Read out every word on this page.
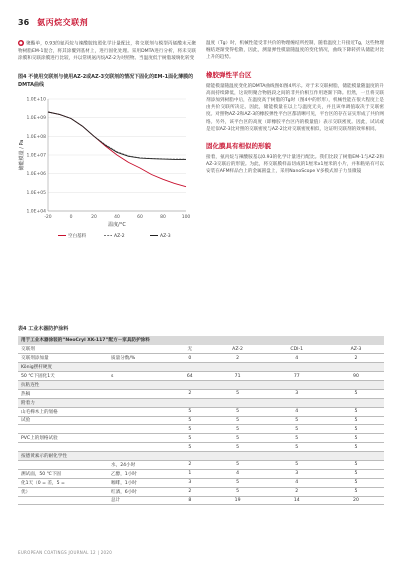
36 氨丙烷交联剂

● 聚酯单，0.93的氨丙烷与辣酸胺按照化学计量配比，将交联剂与模型丙烯酸末元聚物树脂EM-1混合，将其涂覆到基材上，进行固化处理。采用DMTA进行分析，将未交联涂膜和交联涂膜进行比较，并以常规氨丙烷AZ-2为对照物。当温度低于树脂玻璃化转变

图4 不使用交联剂与使用AZ-2或AZ-3交联剂的情况下固化的EM-1面化薄膜的DMTA曲线
1.0E+04
1.0E+05
1.0E+06
1.0E+07
1.0E+08
1.0E+09
1.0E+10
-20	0	20	40	60	80	100
温度/°C
储能模量 / Pa
空白基料	AZ-2	AZ-3

温度（Tg）时，机械性能受非共价的物理缠结所控制，随着温度上升接近Tg，这些物理缠结逐渐变得松散，因此，测量弹性模量随温度的变化情况，曲线下降转折从储能对比上升的趋势。

橡胶弹性平台区

储能模量随温度变化的DMTA曲线图如图4所示。对于未交联树脂，储能模量随温度的升高而持续降低，这说明聚合物链段之间的非共价相互作用逐渐下降。但然，一旦将交联剂添加到树脂中后，在温度高于树脂的Tg时（图4中的形形），机械性能在很大程度上是由共价交联所决定。因此，储能模量在以上与温度无关，并且该单调值取决于交联密度。对照物AZ-2和AZ-3的橡胶弹性平台区都清晰可见，平台区的存在证实形成了共价网络。另外，该平台区的高度（即橡胶平台区内的模量值）表示交联密度。因此，试试或是近似AZ-3比对照的交联密度与AZ-2比对交联密度相似，这证明交联剂的效率相同。

固化膜具有相似的形貌

接着，氨丙烷与辣酸胺基以0.93的化学计量进行配比。我们比较了树脂EM-1与AZ-2和AZ-3交联后的形貌。为此，将交联膜样品切成的1厘米x1厘米的小片，并和粘贴有可以安装在AFM样品台上的金属圆盘上，采用NanoScope V多模式原子力显微镜

表4 工业木器防护涂料
用于工业木器涂装的“NeoCryl XK-117”配方－家具防护涂料					
交联剂		无	AZ-2	CDI-1	AZ-3
交联剂添加量	质量分数/%	0	2	4	2
König摆杆硬度					
50 ℃下固化1天	s	64	71	77	90
抗粘连性					
热稿		2	5	3	5
附着力					
山毛榉木上的划格		5	5	4	5
试验		5	5	5	5
		5	5	5	5
PVC上的划格试验		5	5	5	5
		5	5	5	5
按德黄素示的耐化学性					
	水，24小时	2	5	5	5
测试面，50 ℃下固	乙醇，1小时	1	4	3	5
化1天（0 = 差，5 =	咖啡，1小时	3	5	4	5
优）	红酒，6小时	2	5	2	5
	总计	8	19	14	20
EUROPEAN COATINGS JOURNAL 12 | 2020
